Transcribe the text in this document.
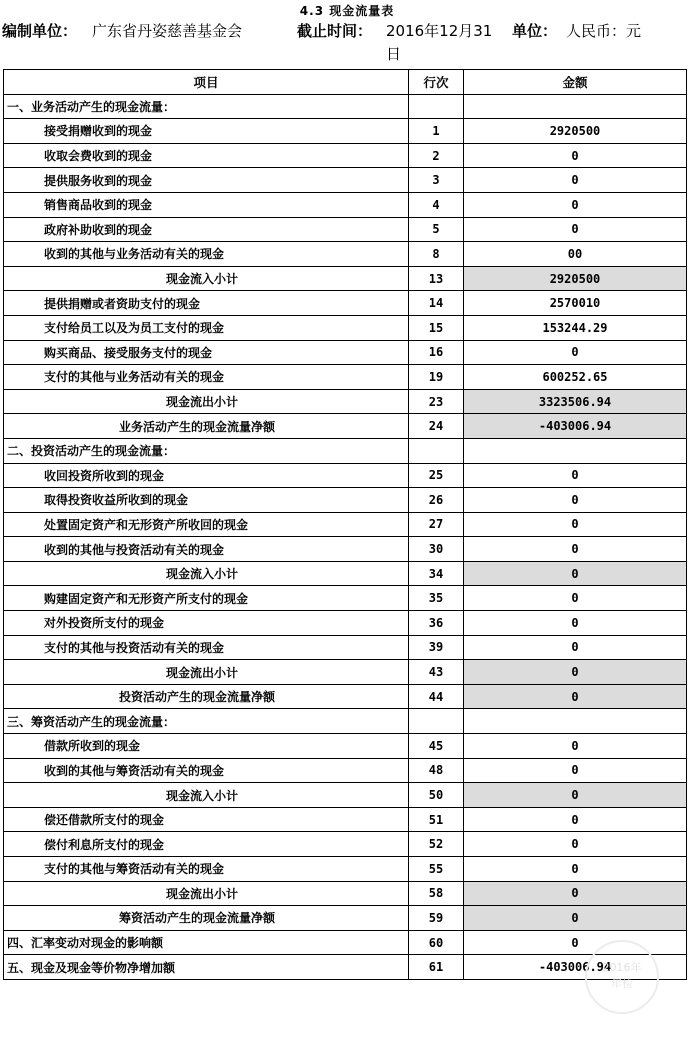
4.3 现金流量表
编制单位： 广东省丹姿慈善基金会	截止时间： 2016年12月31 单位： 人民币：元
日
项目	行次	金额
一、业务活动产生的现金流量：		
接受捐赠收到的现金	1	2920500
收取会费收到的现金	2	0
提供服务收到的现金	3	0
销售商品收到的现金	4	0
政府补助收到的现金	5	0
收到的其他与业务活动有关的现金	8	00
现金流入小计	13	2920500
提供捐赠或者资助支付的现金	14	2570010
支付给员工以及为员工支付的现金	15	153244.29
购买商品、接受服务支付的现金	16	0
支付的其他与业务活动有关的现金	19	600252.65
现金流出小计	23	3323506.94
业务活动产生的现金流量净额	24	-403006.94
二、投资活动产生的现金流量：		
收回投资所收到的现金	25	0
取得投资收益所收到的现金	26	0
处置固定资产和无形资产所收回的现金	27	0
收到的其他与投资活动有关的现金	30	0
现金流入小计	34	0
购建固定资产和无形资产所支付的现金	35	0
对外投资所支付的现金	36	0
支付的其他与投资活动有关的现金	39	0
现金流出小计	43	0
投资活动产生的现金流量净额	44	0
三、筹资活动产生的现金流量：		
借款所收到的现金	45	0
收到的其他与筹资活动有关的现金	48	0
现金流入小计	50	0
偿还借款所支付的现金	51	0
偿付利息所支付的现金	52	0
支付的其他与筹资活动有关的现金	55	0
现金流出小计	58	0
筹资活动产生的现金流量净额	59	0
四、汇率变动对现金的影响额	60	0
五、现金及现金等价物净增加额	61	-403006.94
2016年
年检
